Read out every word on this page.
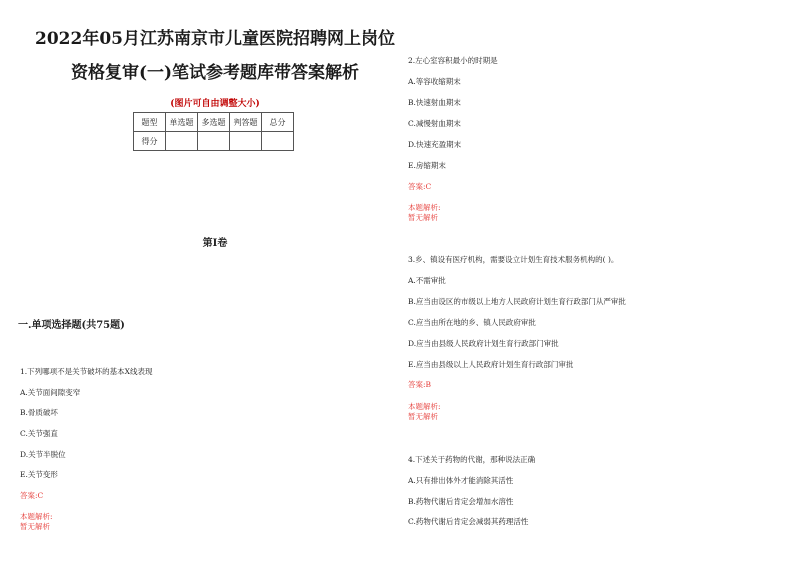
2022年05月江苏南京市儿童医院招聘网上岗位
资格复审(一)笔试参考题库带答案解析
(图片可自由调整大小)
题型	单选题	多选题	判答题	总分
得分				
第I卷
一.单项选择题(共75题)
1.下列哪项不是关节破坏的基本X线表现
A.关节面间隙变窄
B.骨质破坏
C.关节强直
D.关节半脱位
E.关节变形
答案:C
本题解析:
暂无解析
2.左心室容积最小的时期是
A.等容收缩期末
B.快速射血期末
C.减慢射血期末
D.快速充盈期末
E.房缩期末
答案:C
本题解析:
暂无解析
3.乡、镇设有医疗机构，需要设立计划生育技术服务机构的( )。
A.不需审批
B.应当由设区的市级以上地方人民政府计划生育行政部门从严审批
C.应当由所在地的乡、镇人民政府审批
D.应当由县级人民政府计划生育行政部门审批
E.应当由县级以上人民政府计划生育行政部门审批
答案:B
本题解析:
暂无解析
4.下述关于药物的代谢，那种说法正确
A.只有排出体外才能消除其活性
B.药物代谢后肯定会增加水溶性
C.药物代谢后肯定会减弱其药理活性
